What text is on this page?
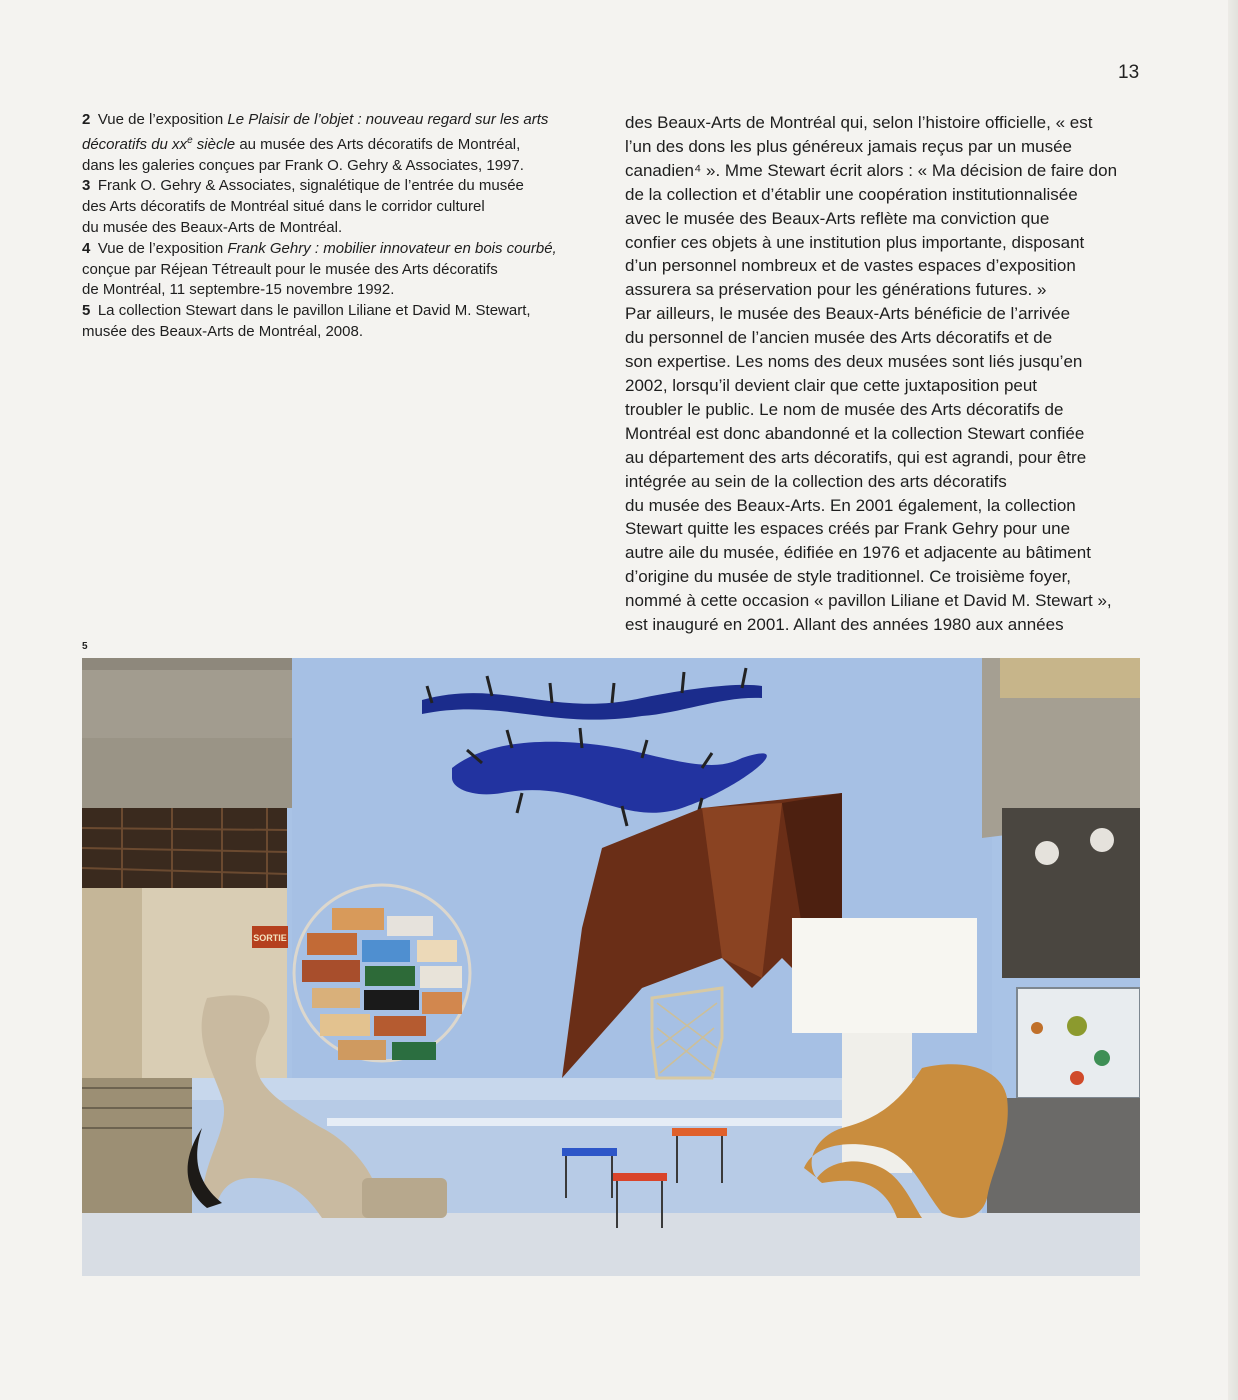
13

2  Vue de l’exposition Le Plaisir de l’objet : nouveau regard sur les arts
décoratifs du $xx^e$ siècle au musée des Arts décoratifs de Montréal,
dans les galeries conçues par Frank O. Gehry & Associates, 1997.

3  Frank O. Gehry & Associates, signalétique de l’entrée du musée
des Arts décoratifs de Montréal situé dans le corridor culturel
du musée des Beaux-Arts de Montréal.

4  Vue de l’exposition Frank Gehry : mobilier innovateur en bois courbé,
conçue par Réjean Tétreault pour le musée des Arts décoratifs
de Montréal, 11 septembre-15 novembre 1992.

5  La collection Stewart dans le pavillon Liliane et David M. Stewart,
musée des Beaux-Arts de Montréal, 2008.

des Beaux-Arts de Montréal qui, selon l’histoire officielle, « est
l’un des dons les plus généreux jamais reçus par un musée
canadien⁴ ». Mme Stewart écrit alors : « Ma décision de faire don
de la collection et d’établir une coopération institutionnalisée
avec le musée des Beaux-Arts reflète ma conviction que
confier ces objets à une institution plus importante, disposant
d’un personnel nombreux et de vastes espaces d’exposition
assurera sa préservation pour les générations futures. »
Par ailleurs, le musée des Beaux-Arts bénéficie de l’arrivée
du personnel de l’ancien musée des Arts décoratifs et de
son expertise. Les noms des deux musées sont liés jusqu’en
2002, lorsqu’il devient clair que cette juxtaposition peut
troubler le public. Le nom de musée des Arts décoratifs de
Montréal est donc abandonné et la collection Stewart confiée
au département des arts décoratifs, qui est agrandi, pour être
intégrée au sein de la collection des arts décoratifs
du musée des Beaux-Arts. En 2001 également, la collection
Stewart quitte les espaces créés par Frank Gehry pour une
autre aile du musée, édifiée en 1976 et adjacente au bâtiment
d’origine du musée de style traditionnel. Ce troisième foyer,
nommé à cette occasion « pavillon Liliane et David M. Stewart »,
est inauguré en 2001. Allant des années 1980 aux années
5
SORTIE
